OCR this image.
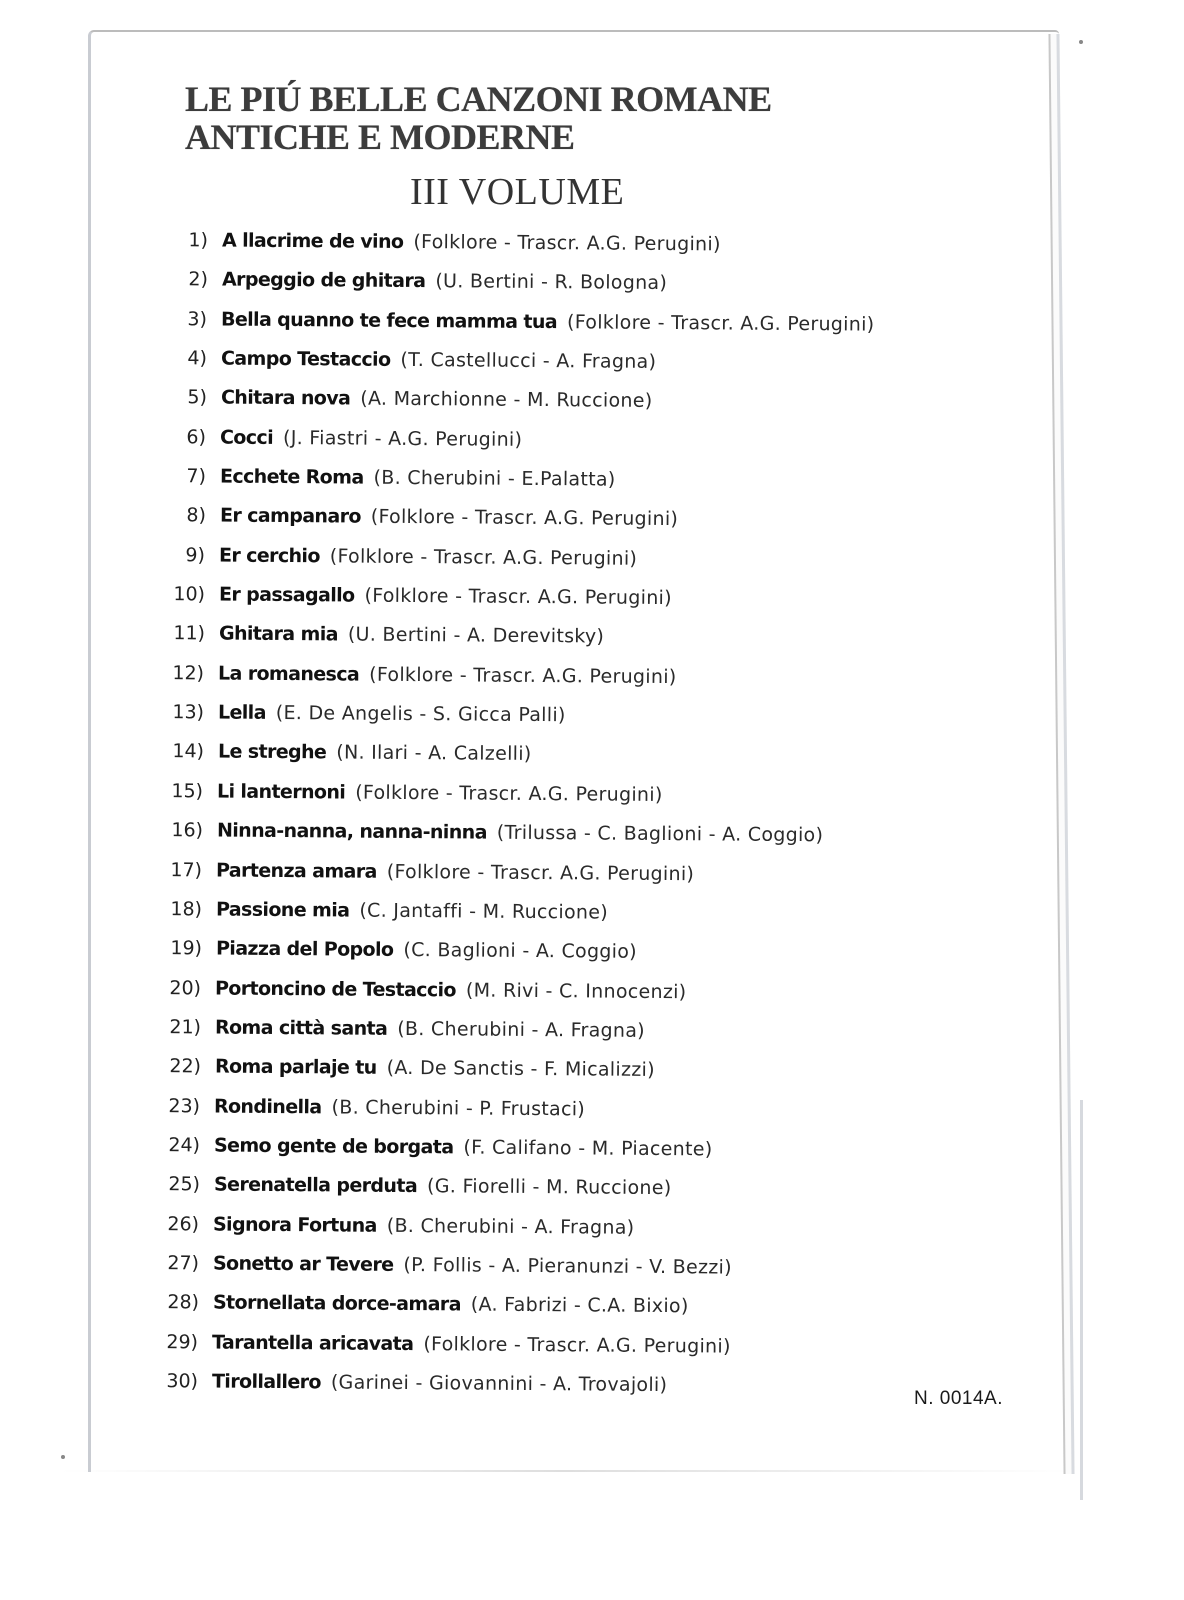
LE PIÚ BELLE CANZONI ROMANE
ANTICHE E MODERNE
III VOLUME
1) A llacrime de vino (Folklore - Trascr. A.G. Perugini)
2) Arpeggio de ghitara (U. Bertini - R. Bologna)
3) Bella quanno te fece mamma tua (Folklore - Trascr. A.G. Perugini)
4) Campo Testaccio (T. Castellucci - A. Fragna)
5) Chitara nova (A. Marchionne - M. Ruccione)
6) Cocci (J. Fiastri - A.G. Perugini)
7) Ecchete Roma (B. Cherubini - E.Palatta)
8) Er campanaro (Folklore - Trascr. A.G. Perugini)
9) Er cerchio (Folklore - Trascr. A.G. Perugini)
10) Er passagallo (Folklore - Trascr. A.G. Perugini)
11) Ghitara mia (U. Bertini - A. Derevitsky)
12) La romanesca (Folklore - Trascr. A.G. Perugini)
13) Lella (E. De Angelis - S. Gicca Palli)
14) Le streghe (N. Ilari - A. Calzelli)
15) Li lanternoni (Folklore - Trascr. A.G. Perugini)
16) Ninna-nanna, nanna-ninna (Trilussa - C. Baglioni - A. Coggio)
17) Partenza amara (Folklore - Trascr. A.G. Perugini)
18) Passione mia (C. Jantaffi - M. Ruccione)
19) Piazza del Popolo (C. Baglioni - A. Coggio)
20) Portoncino de Testaccio (M. Rivi - C. Innocenzi)
21) Roma città santa (B. Cherubini - A. Fragna)
22) Roma parlaje tu (A. De Sanctis - F. Micalizzi)
23) Rondinella (B. Cherubini - P. Frustaci)
24) Semo gente de borgata (F. Califano - M. Piacente)
25) Serenatella perduta (G. Fiorelli - M. Ruccione)
26) Signora Fortuna (B. Cherubini - A. Fragna)
27) Sonetto ar Tevere (P. Follis - A. Pieranunzi - V. Bezzi)
28) Stornellata dorce-amara (A. Fabrizi - C.A. Bixio)
29) Tarantella aricavata (Folklore - Trascr. A.G. Perugini)
30) Tirollallero (Garinei - Giovannini - A. Trovajoli)
N. 0014A.
